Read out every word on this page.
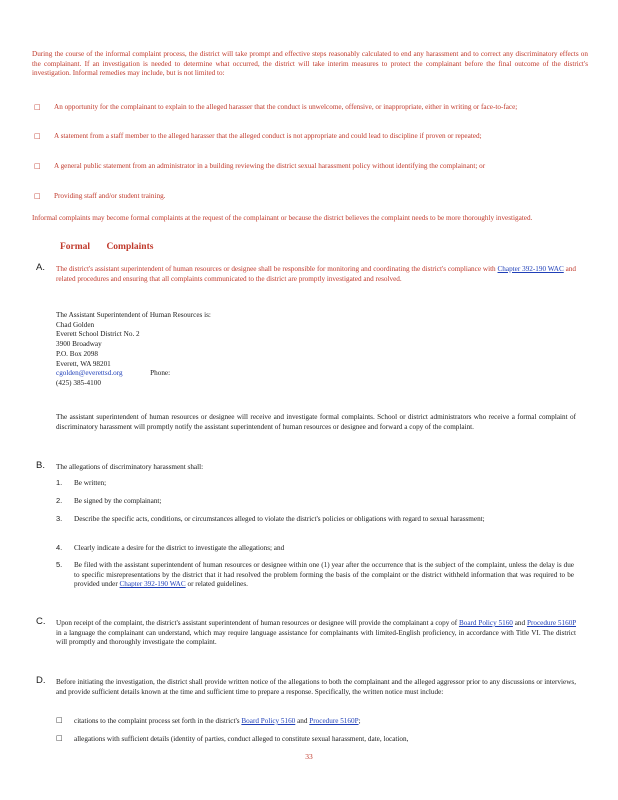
During the course of the informal complaint process, the district will take prompt and effective steps reasonably calculated to end any harassment and to correct any discriminatory effects on the complainant. If an investigation is needed to determine what occurred, the district will take interim measures to protect the complainant before the final outcome of the district's investigation. Informal remedies may include, but is not limited to:
□	An opportunity for the complainant to explain to the alleged harasser that the conduct is unwelcome, offensive, or inappropriate, either in writing or face-to-face;
□	A statement from a staff member to the alleged harasser that the alleged conduct is not appropriate and could lead to discipline if proven or repeated;
□	A general public statement from an administrator in a building reviewing the district sexual harassment policy without identifying the complainant; or
□	Providing staff and/or student training.
Informal complaints may become formal complaints at the request of the complainant or because the district believes the complaint needs to be more thoroughly investigated.
Formal Complaints
A. The district's assistant superintendent of human resources or designee shall be responsible for monitoring and coordinating the district's compliance with Chapter 392-190 WAC and related procedures and ensuring that all complaints communicated to the district are promptly investigated and resolved.
The Assistant Superintendent of Human Resources is:
Chad Golden
Everett School District No. 2
3900 Broadway
P.O. Box 2098
Everett, WA 98201
cgolden@everettsd.org	Phone:
(425) 385-4100
The assistant superintendent of human resources or designee will receive and investigate formal complaints. School or district administrators who receive a formal complaint of discriminatory harassment will promptly notify the assistant superintendent of human resources or designee and forward a copy of the complaint.
B. The allegations of discriminatory harassment shall:
1. Be written;
2. Be signed by the complainant;
3. Describe the specific acts, conditions, or circumstances alleged to violate the district's policies or obligations with regard to sexual harassment;
4. Clearly indicate a desire for the district to investigate the allegations; and
5. Be filed with the assistant superintendent of human resources or designee within one (1) year after the occurrence that is the subject of the complaint, unless the delay is due to specific misrepresentations by the district that it had resolved the problem forming the basis of the complaint or the district withheld information that was required to be provided under Chapter 392-190 WAC or related guidelines.
C. Upon receipt of the complaint, the district's assistant superintendent of human resources or designee will provide the complainant a copy of Board Policy 5160 and Procedure 5160P in a language the complainant can understand, which may require language assistance for complainants with limited-English proficiency, in accordance with Title VI. The district will promptly and thoroughly investigate the complaint.
D. Before initiating the investigation, the district shall provide written notice of the allegations to both the complainant and the alleged aggressor prior to any discussions or interviews, and provide sufficient details known at the time and sufficient time to prepare a response. Specifically, the written notice must include:
□ citations to the complaint process set forth in the district's Board Policy 5160 and Procedure 5160P;
□ allegations with sufficient details (identity of parties, conduct alleged to constitute sexual harassment, date, location,
33
